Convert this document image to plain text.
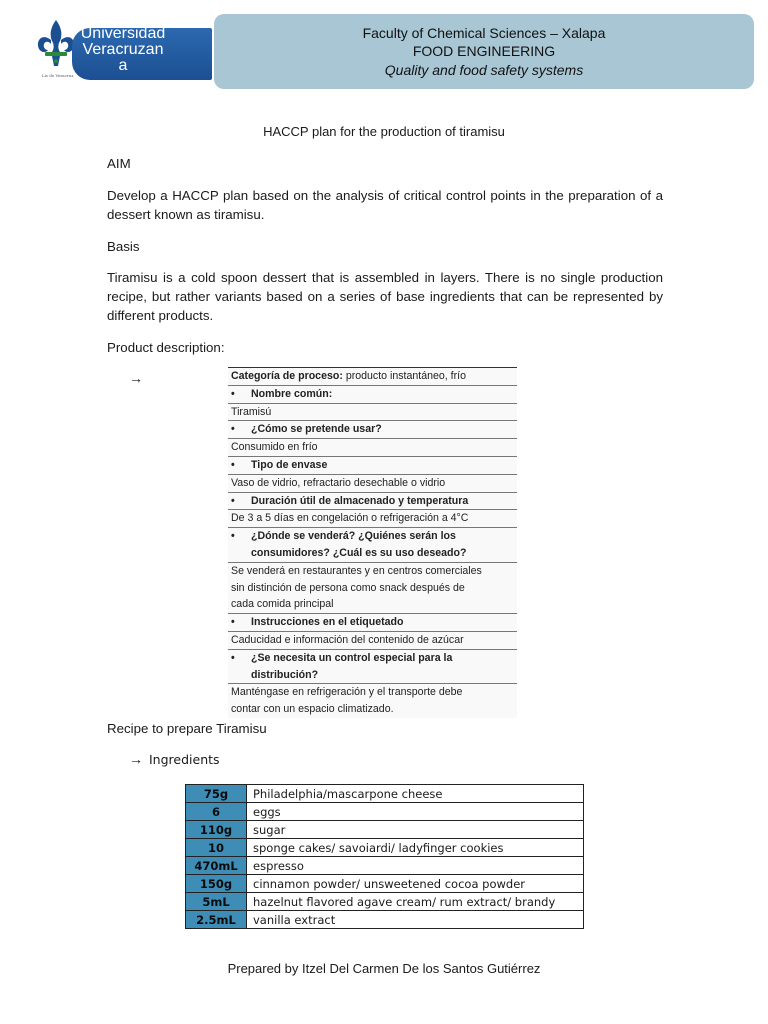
Lis de Veracruz
Universidad
Veracruzan
a
Faculty of Chemical Sciences – Xalapa
FOOD ENGINEERING
Quality and food safety systems
HACCP plan for the production of tiramisu
AIM
Develop a HACCP plan based on the analysis of critical control points in the preparation of a dessert known as tiramisu.
Basis
Tiramisu is a cold spoon dessert that is assembled in layers. There is no single production recipe, but rather variants based on a series of base ingredients that can be represented by different products.
Product description:
→	Categoría de proceso: producto instantáneo, frío
• Nombre común:
Tiramisú
• ¿Cómo se pretende usar?
Consumido en frío
• Tipo de envase
Vaso de vidrio, refractario desechable o vidrio
• Duración útil de almacenado y temperatura
De 3 a 5 días en congelación o refrigeración a 4°C
• ¿Dónde se venderá? ¿Quiénes serán los
consumidores? ¿Cuál es su uso deseado?
Se venderá en restaurantes y en centros comerciales
sin distinción de persona como snack después de
cada comida principal
• Instrucciones en el etiquetado
Caducidad e información del contenido de azúcar
• ¿Se necesita un control especial para la
distribución?
Manténgase en refrigeración y el transporte debe
contar con un espacio climatizado.
Recipe to prepare Tiramisu
→ Ingredients
75g	Philadelphia/mascarpone cheese
6	eggs
110g	sugar
10	sponge cakes/ savoiardi/ ladyfinger cookies
470mL	espresso
150g	cinnamon powder/ unsweetened cocoa powder
5mL	hazelnut flavored agave cream/ rum extract/ brandy
2.5mL	vanilla extract
Prepared by Itzel Del Carmen De los Santos Gutiérrez
